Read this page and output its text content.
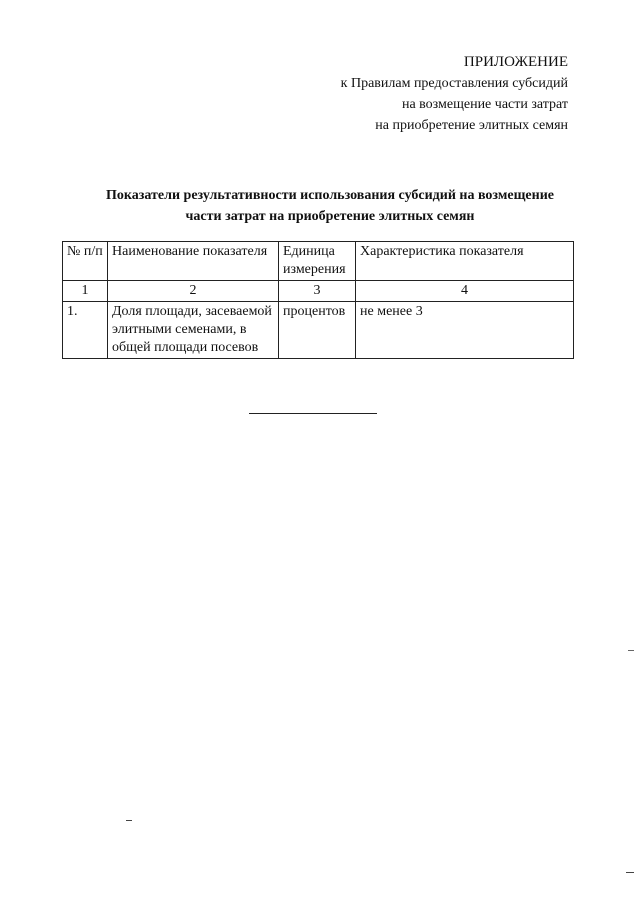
ПРИЛОЖЕНИЕ
к Правилам предоставления субсидий
на возмещение части затрат
на приобретение элитных семян
Показатели результативности использования субсидий на возмещение
части затрат на приобретение элитных семян
№ п/п	Наименование показателя	Единица измерения	Характеристика показателя
1	2	3	4
1.	Доля площади, засеваемой элитными семенами, в общей площади посевов	процентов	не менее 3
